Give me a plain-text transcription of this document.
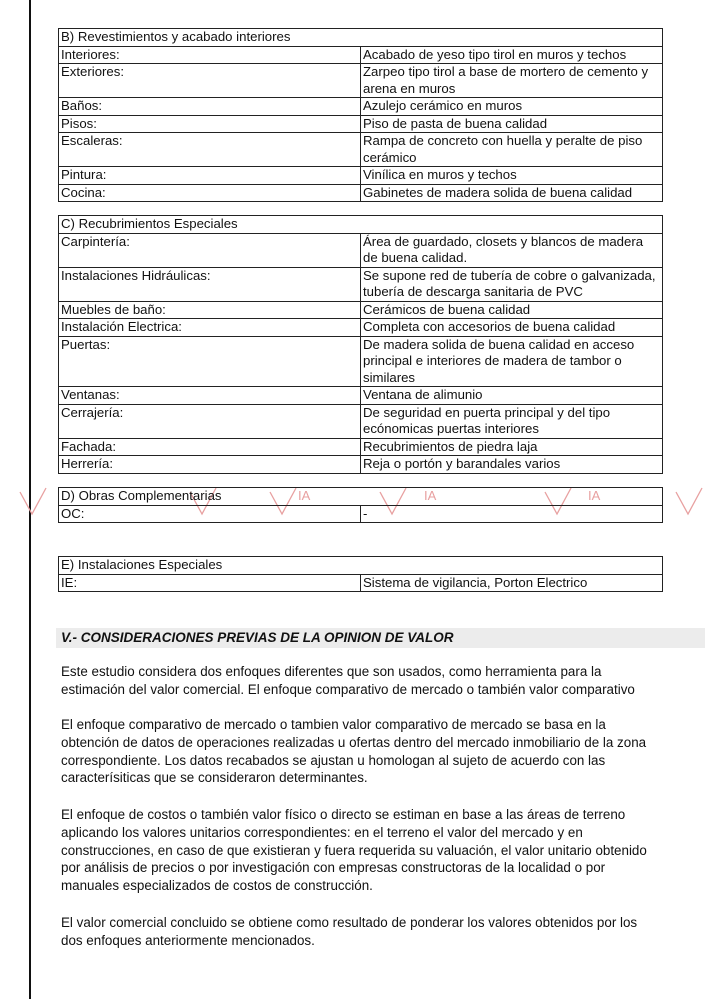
B) Revestimientos y acabado interiores	
Interiores:	Acabado de yeso tipo tirol en muros y techos
Exteriores:	Zarpeo tipo tirol a base de mortero de cemento y arena en muros
Baños:	Azulejo cerámico en muros
Pisos:	Piso de pasta de buena calidad
Escaleras:	Rampa de concreto con huella y peralte de piso cerámico
Pintura:	Vinílica en muros y techos
Cocina:	Gabinetes de madera solida de buena calidad
C) Recubrimientos Especiales	
Carpintería:	Área de guardado, closets y blancos de madera de buena calidad.
Instalaciones Hidráulicas:	Se supone red de tubería de cobre o galvanizada, tubería de descarga sanitaria de PVC
Muebles de baño:	Cerámicos de buena calidad
Instalación Electrica:	Completa con accesorios de buena calidad
Puertas:	De madera solida de buena calidad en acceso principal e interiores de madera de tambor o similares
Ventanas:	Ventana de alimunio
Cerrajería:	De seguridad en puerta principal y del tipo ecónomicas puertas interiores
Fachada:	Recubrimientos de piedra laja
Herrería:	Reja o portón y barandales varios
IA	IA	IA
D) Obras Complementarias
OC:	-
E) Instalaciones Especiales
IE:	Sistema de vigilancia, Porton Electrico
V.- CONSIDERACIONES PREVIAS DE LA OPINION DE VALOR

Este estudio considera dos enfoques diferentes que son usados, como herramienta para la estimación del valor comercial. El enfoque comparativo de mercado o también valor comparativo

El enfoque comparativo de mercado o tambien valor comparativo de mercado se basa en la obtención de datos de operaciones realizadas u ofertas dentro del mercado inmobiliario de la zona correspondiente. Los datos recabados se ajustan u homologan al sujeto de acuerdo con las caracterísiticas que se consideraron determinantes.

El enfoque de costos o también valor físico o directo se estiman en base a las áreas de terreno aplicando los valores unitarios correspondientes: en el terreno el valor del mercado y en construcciones, en caso de que existieran y fuera requerida su valuación, el valor unitario obtenido por análisis de precios o por investigación con empresas constructoras de la localidad o por manuales especializados de costos de construcción.

El valor comercial concluido se obtiene como resultado de ponderar los valores obtenidos por los dos enfoques anteriormente mencionados.
